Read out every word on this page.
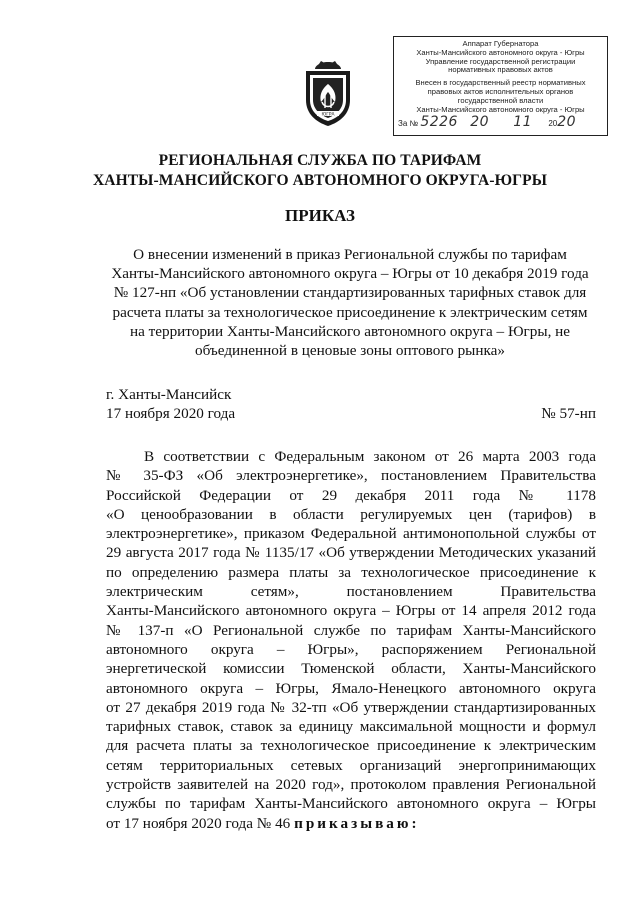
Аппарат Губернатора
Ханты-Мансийского автономного округа - Югры
Управление государственной регистрации
нормативных правовых актов
Внесен в государственный реестр нормативных
правовых актов исполнительных органов
государственной власти
Ханты-Мансийского автономного округа - Югры
За № 5226 20 11 2020
ЮГРА
РЕГИОНАЛЬНАЯ СЛУЖБА ПО ТАРИФАМ
ХАНТЫ-МАНСИЙСКОГО АВТОНОМНОГО ОКРУГА-ЮГРЫ
ПРИКАЗ

О внесении изменений в приказ Региональной службы по тарифам
Ханты-Мансийского автономного округа – Югры от 10 декабря 2019 года
№ 127-нп «Об установлении стандартизированных тарифных ставок для
расчета платы за технологическое присоединение к электрическим сетям
на территории Ханты-Мансийского автономного округа – Югры, не
объединенной в ценовые зоны оптового рынка»

г. Ханты-Мансийск
17 ноября 2020 года	№ 57-нп

В соответствии с Федеральным законом от 26 марта 2003 года
№ 35-ФЗ «Об электроэнергетике», постановлением Правительства
Российской Федерации от 29 декабря 2011 года № 1178
«О ценообразовании в области регулируемых цен (тарифов) в
электроэнергетике», приказом Федеральной антимонопольной службы от
29 августа 2017 года № 1135/17 «Об утверждении Методических указаний
по определению размера платы за технологическое присоединение к
электрическим сетям», постановлением Правительства
Ханты-Мансийского автономного округа – Югры от 14 апреля 2012 года
№ 137-п «О Региональной службе по тарифам Ханты-Мансийского
автономного округа – Югры», распоряжением Региональной
энергетической комиссии Тюменской области, Ханты-Мансийского
автономного округа – Югры, Ямало-Ненецкого автономного округа
от 27 декабря 2019 года № 32-тп «Об утверждении стандартизированных
тарифных ставок, ставок за единицу максимальной мощности и формул
для расчета платы за технологическое присоединение к электрическим
сетям территориальных сетевых организаций энергопринимающих
устройств заявителей на 2020 год», протоколом правления Региональной
службы по тарифам Ханты-Мансийского автономного округа – Югры
от 17 ноября 2020 года № 46 приказываю:
